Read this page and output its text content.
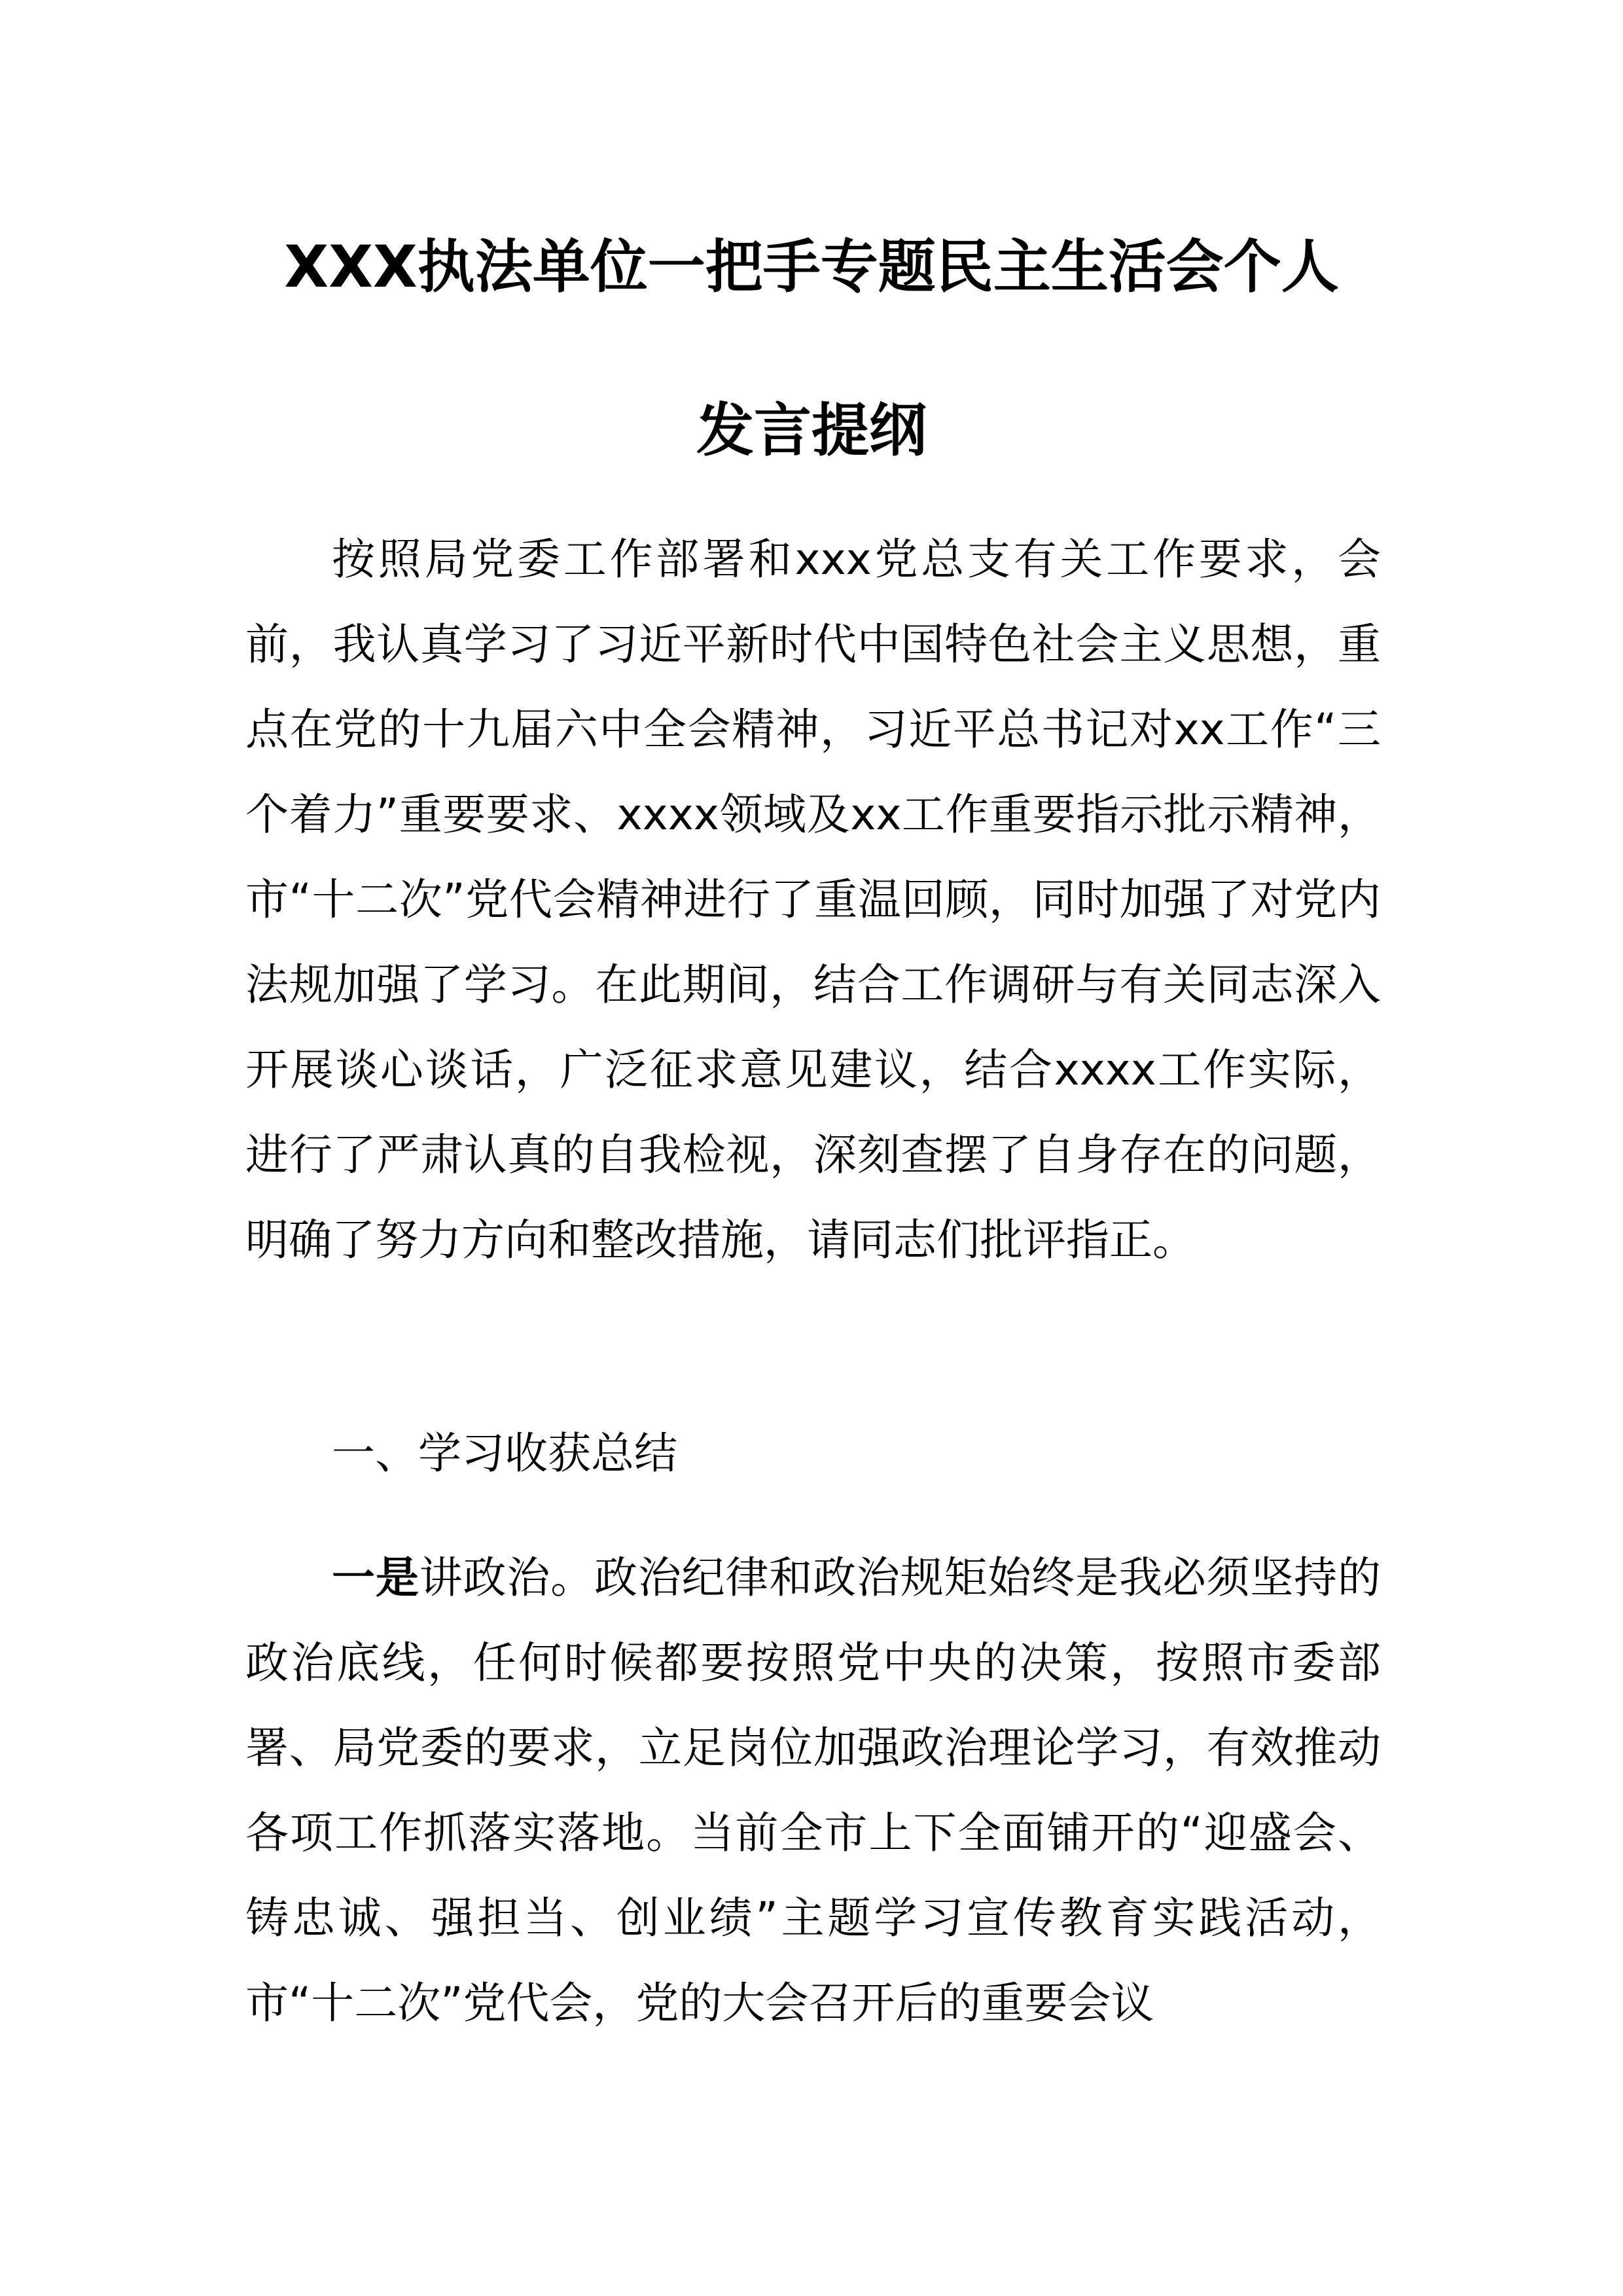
XXX执法单位一把手专题民主生活会个人
发言提纲

按照局党委工作部署和xxx党总支有关工作要求，会前，我认真学习了习近平新时代中国特色社会主义思想，重点在党的十九届六中全会精神，习近平总书记对xx工作“三个着力”重要要求、xxxx领域及xx工作重要指示批示精神，市“十二次”党代会精神进行了重温回顾，同时加强了对党内法规加强了学习。在此期间，结合工作调研与有关同志深入开展谈心谈话，广泛征求意见建议，结合xxxx工作实际，进行了严肃认真的自我检视，深刻查摆了自身存在的问题，明确了努力方向和整改措施，请同志们批评指正。

一、学习收获总结

一是讲政治。政治纪律和政治规矩始终是我必须坚持的政治底线，任何时候都要按照党中央的决策，按照市委部署、局党委的要求，立足岗位加强政治理论学习，有效推动各项工作抓落实落地。当前全市上下全面铺开的“迎盛会、铸忠诚、强担当、创业绩”主题学习宣传教育实践活动，市“十二次”党代会，党的大会召开后的重要会议
